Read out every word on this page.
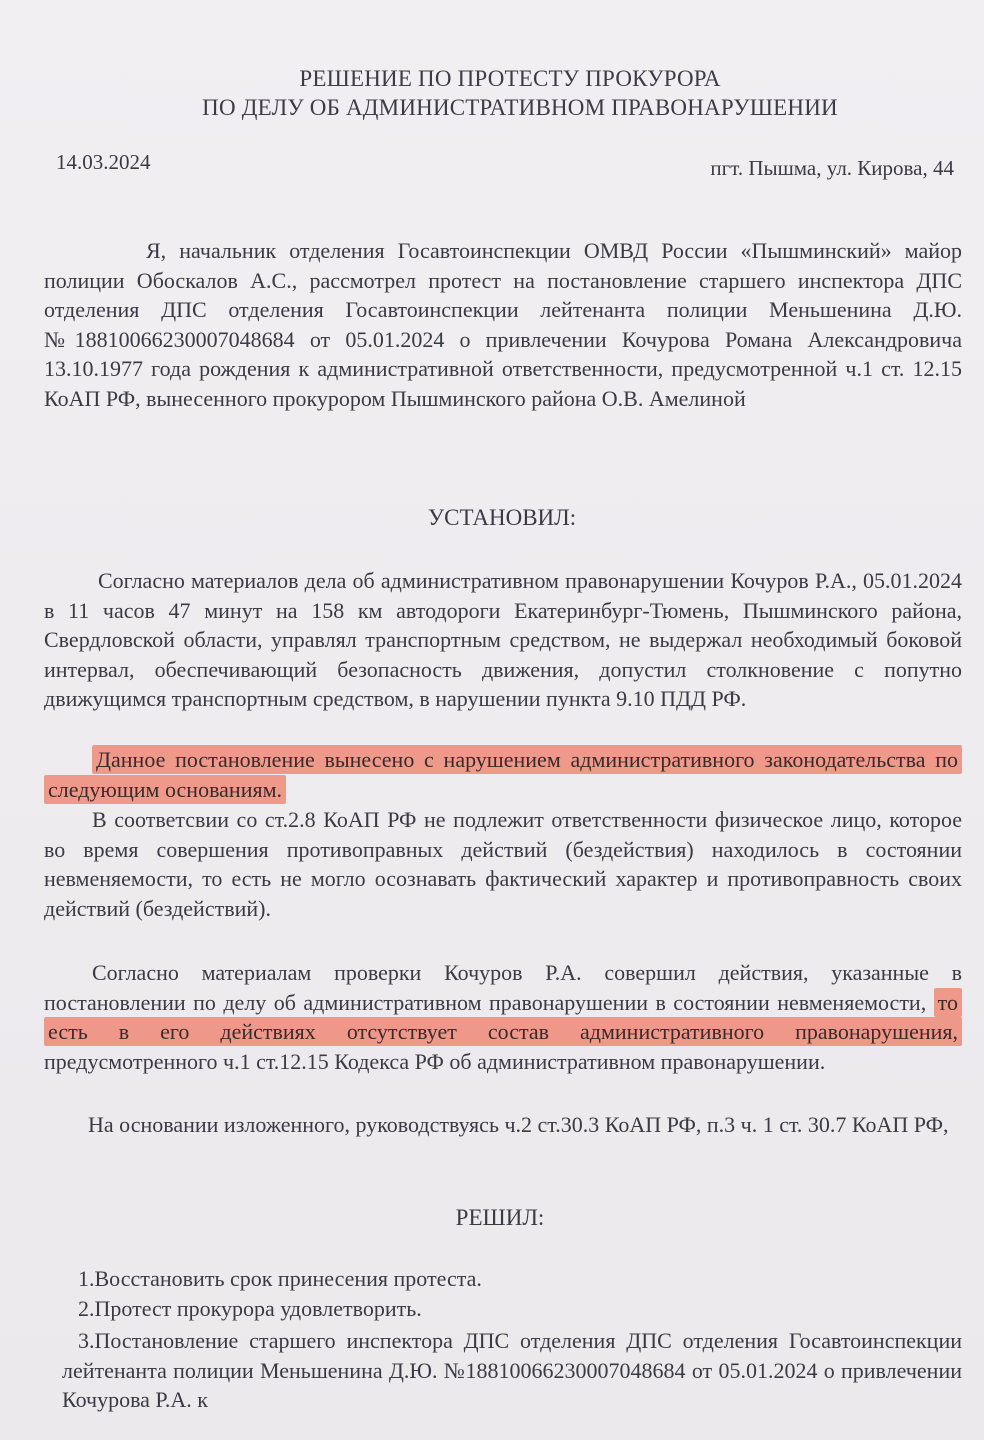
РЕШЕНИЕ ПО ПРОТЕСТУ ПРОКУРОРА
ПО ДЕЛУ ОБ АДМИНИСТРАТИВНОМ ПРАВОНАРУШЕНИИ
14.03.2024	пгт. Пышма, ул. Кирова, 44
Я, начальник отделения Госавтоинспекции ОМВД России «Пышминский» майор полиции Обоскалов А.С., рассмотрел протест на постановление старшего инспектора ДПС отделения ДПС отделения Госавтоинспекции лейтенанта полиции Меньшенина Д.Ю. №18810066230007048684 от 05.01.2024 о привлечении Кочурова Романа Александровича 13.10.1977 года рождения к административной ответственности, предусмотренной ч.1 ст. 12.15 КоАП РФ, вынесенного прокурором Пышминского района О.В. Амелиной
УСТАНОВИЛ:
Согласно материалов дела об административном правонарушении Кочуров Р.А., 05.01.2024 в 11 часов 47 минут на 158 км автодороги Екатеринбург-Тюмень, Пышминского района, Свердловской области, управлял транспортным средством, не выдержал необходимый боковой интервал, обеспечивающий безопасность движения, допустил столкновение с попутно движущимся транспортным средством, в нарушении пункта 9.10 ПДД РФ.
Данное постановление вынесено с нарушением административного законодательства по следующим основаниям.
В соответсвии со ст.2.8 КоАП РФ не подлежит ответственности физическое лицо, которое во время совершения противоправных действий (бездействия) находилось в состоянии невменяемости, то есть не могло осознавать фактический характер и противоправность своих действий (бездействий).
Согласно материалам проверки Кочуров Р.А. совершил действия, указанные в постановлении по делу об административном правонарушении в состоянии невменяемости, то есть в его действиях отсутствует состав административного правонарушения, предусмотренного ч.1 ст.12.15 Кодекса РФ об административном правонарушении.
На основании изложенного, руководствуясь ч.2 ст.30.3 КоАП РФ, п.3 ч. 1 ст. 30.7 КоАП РФ,
РЕШИЛ:
1.Восстановить срок принесения протеста.
2.Протест прокурора удовлетворить.
3.Постановление старшего инспектора ДПС отделения ДПС отделения Госавтоинспекции лейтенанта полиции Меньшенина Д.Ю. №18810066230007048684 от 05.01.2024 о привлечении Кочурова Р.А. к
